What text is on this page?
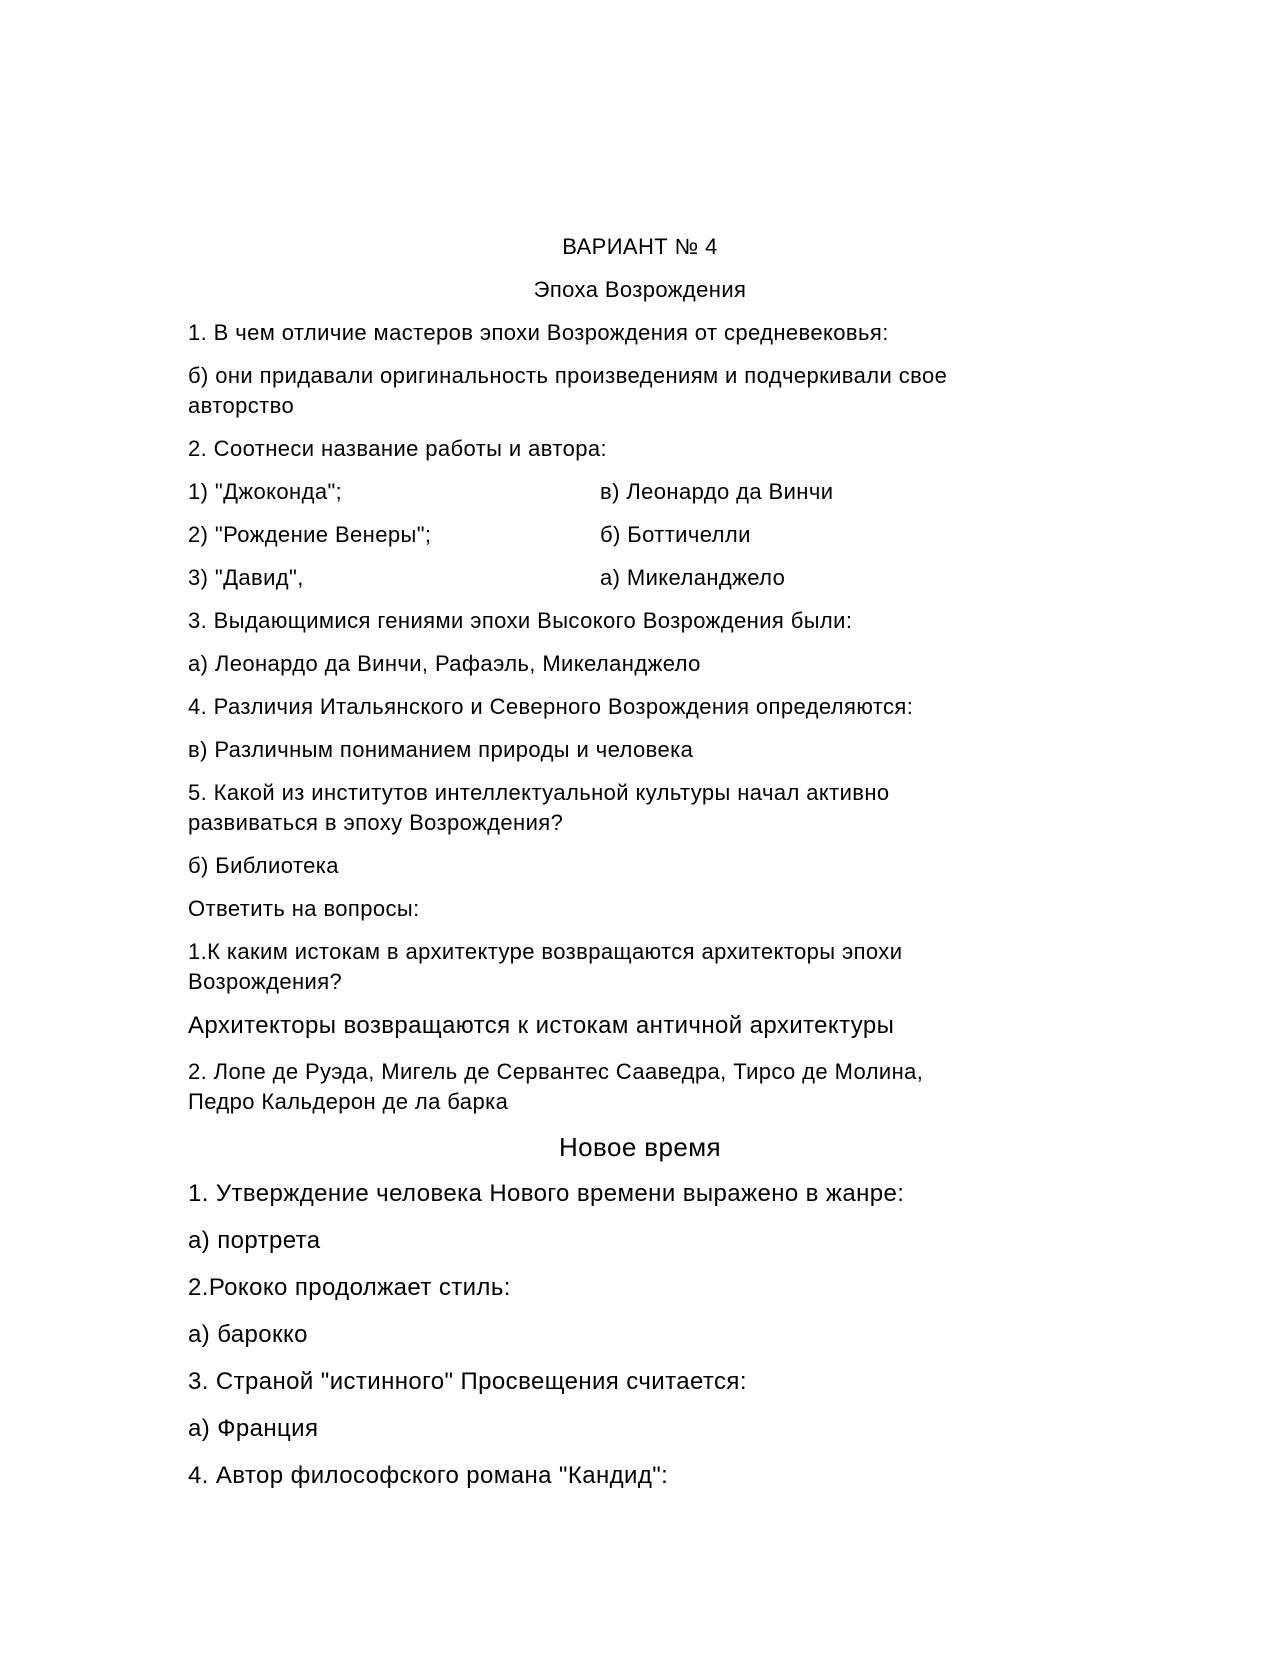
ВАРИАНТ № 4

Эпоха Возрождения

1. В чем отличие мастеров эпохи Возрождения от средневековья:

б) они придавали оригинальность произведениям и подчеркивали свое
авторство

2. Соотнеси название работы и автора:

1) "Джоконда";	в) Леонардо да Винчи
2) "Рождение Венеры";	б) Боттичелли
3) "Давид",	а) Микеланджело

3. Выдающимися гениями эпохи Высокого Возрождения были:

а) Леонардо да Винчи, Рафаэль, Микеланджело

4. Различия Итальянского и Северного Возрождения определяются:

в) Различным пониманием природы и человека

5. Какой из институтов интеллектуальной культуры начал активно
развиваться в эпоху Возрождения?

б) Библиотека

Ответить на вопросы:

1.К каким истокам в архитектуре возвращаются архитекторы эпохи
Возрождения?

Архитекторы возвращаются к истокам античной архитектуры

2. Лопе де Руэда, Мигель де Сервантес Сааведра, Тирсо де Молина,
Педро Кальдерон де ла барка

Новое время

1. Утверждение человека Нового времени выражено в жанре:

а) портрета

2.Рококо продолжает стиль:

а) барокко

3. Страной "истинного" Просвещения считается:

а) Франция

4. Автор философского романа "Кандид":
